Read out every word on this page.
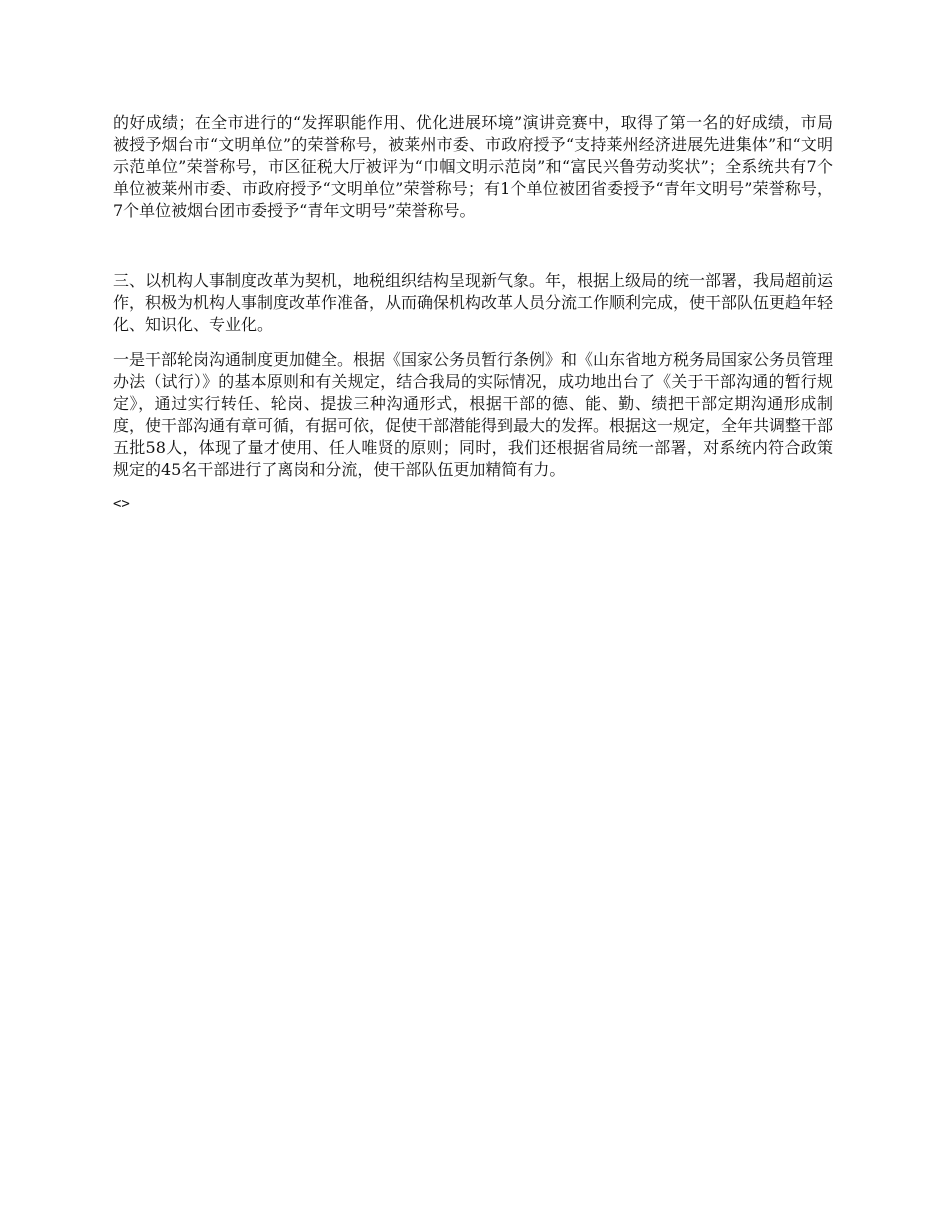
的好成绩；在全市进行的“发挥职能作用、优化进展环境”演讲竞赛中，取得了第一名的好成绩，市局被授予烟台市“文明单位”的荣誉称号，被莱州市委、市政府授予“支持莱州经济进展先进集体”和“文明示范单位”荣誉称号，市区征税大厅被评为“巾帼文明示范岗”和“富民兴鲁劳动奖状”；全系统共有7个单位被莱州市委、市政府授予“文明单位”荣誉称号；有1个单位被团省委授予“青年文明号”荣誉称号，7个单位被烟台团市委授予“青年文明号”荣誉称号。

三、以机构人事制度改革为契机，地税组织结构呈现新气象。年，根据上级局的统一部署，我局超前运作，积极为机构人事制度改革作准备，从而确保机构改革人员分流工作顺利完成，使干部队伍更趋年轻化、知识化、专业化。

一是干部轮岗沟通制度更加健全。根据《国家公务员暂行条例》和《山东省地方税务局国家公务员管理办法（试行）》的基本原则和有关规定，结合我局的实际情况，成功地出台了《关于干部沟通的暂行规定》，通过实行转任、轮岗、提拔三种沟通形式，根据干部的德、能、勤、绩把干部定期沟通形成制度，使干部沟通有章可循，有据可依，促使干部潜能得到最大的发挥。根据这一规定，全年共调整干部五批58人，体现了量才使用、任人唯贤的原则；同时，我们还根据省局统一部署，对系统内符合政策规定的45名干部进行了离岗和分流，使干部队伍更加精简有力。

<>
